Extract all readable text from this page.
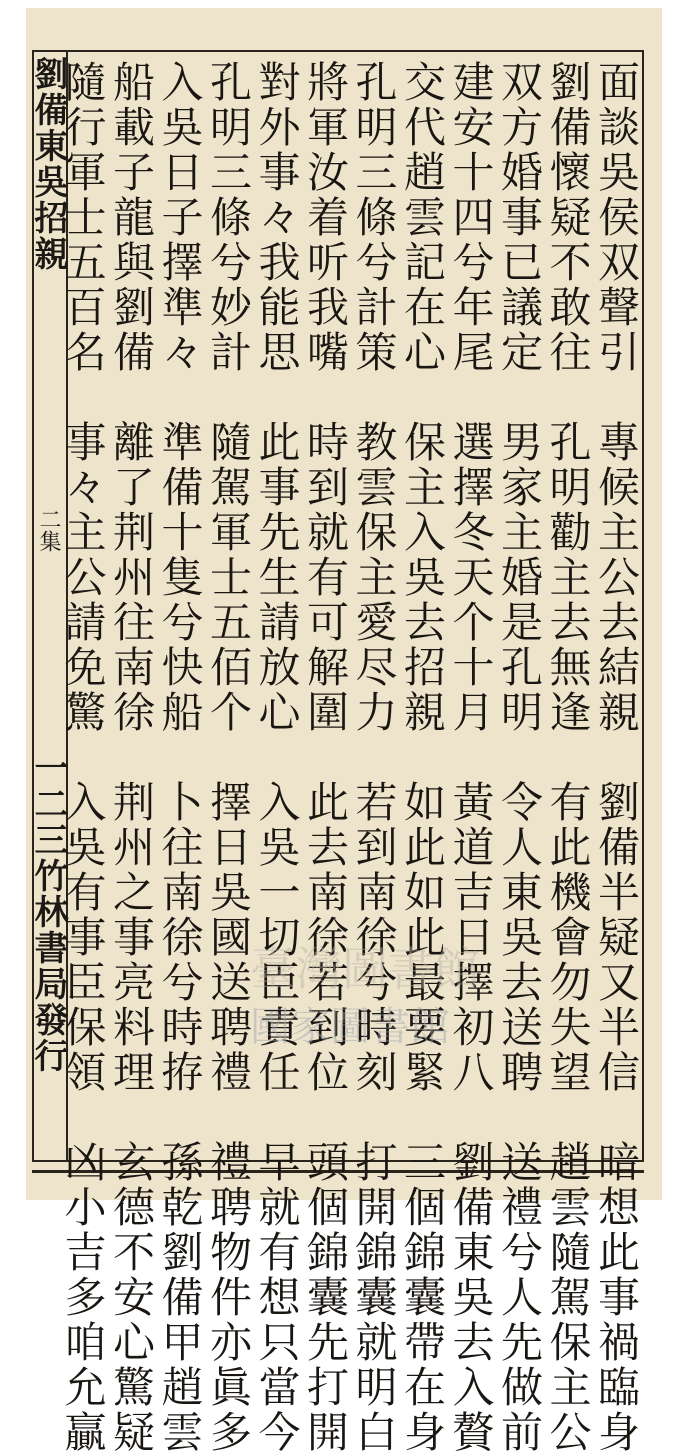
劉備東吳招親
二集
一二三竹林書局發行	面談吳侯双聲引　專候主公去結親　劉備半疑又半信　暗想此事禍臨身
劉備懷疑不敢往　孔明勸主去無逢　有此機會勿失望　趙雲隨駕保主公
双方婚事已議定　男家主婚是孔明　令人東吳去送聘　送禮兮人先做前
建安十四兮年尾　選擇冬天个十月　黃道吉日擇初八　劉備東吳去入贅
交代趙雲記在心　保主入吳去招親　如此如此最要緊　三個錦囊帶在身
孔明三條兮計策　教雲保主愛尽力　若到南徐兮時刻　打開錦囊就明白
將軍汝着听我嘴　時到就有可解圍　此去南徐若到位　頭個錦囊先打開
對外事々我能思　此事先生請放心　入吳一切臣責任　早就有想只當今
孔明三條兮妙計　隨駕軍士五佰个　擇日吳國送聘禮　禮聘物件亦眞多
入吳日子擇準々　準備十隻兮快船　卜往南徐兮時拵　孫乾劉備甲趙雲
船載子龍與劉備　離了荆州往南徐　荆州之事亮料理　玄德不安心驚疑
隨行軍士五百名　事々主公請免驚　入吳有事臣保領　凶小吉多咱允贏	臺灣圖書館
國家圖書館
